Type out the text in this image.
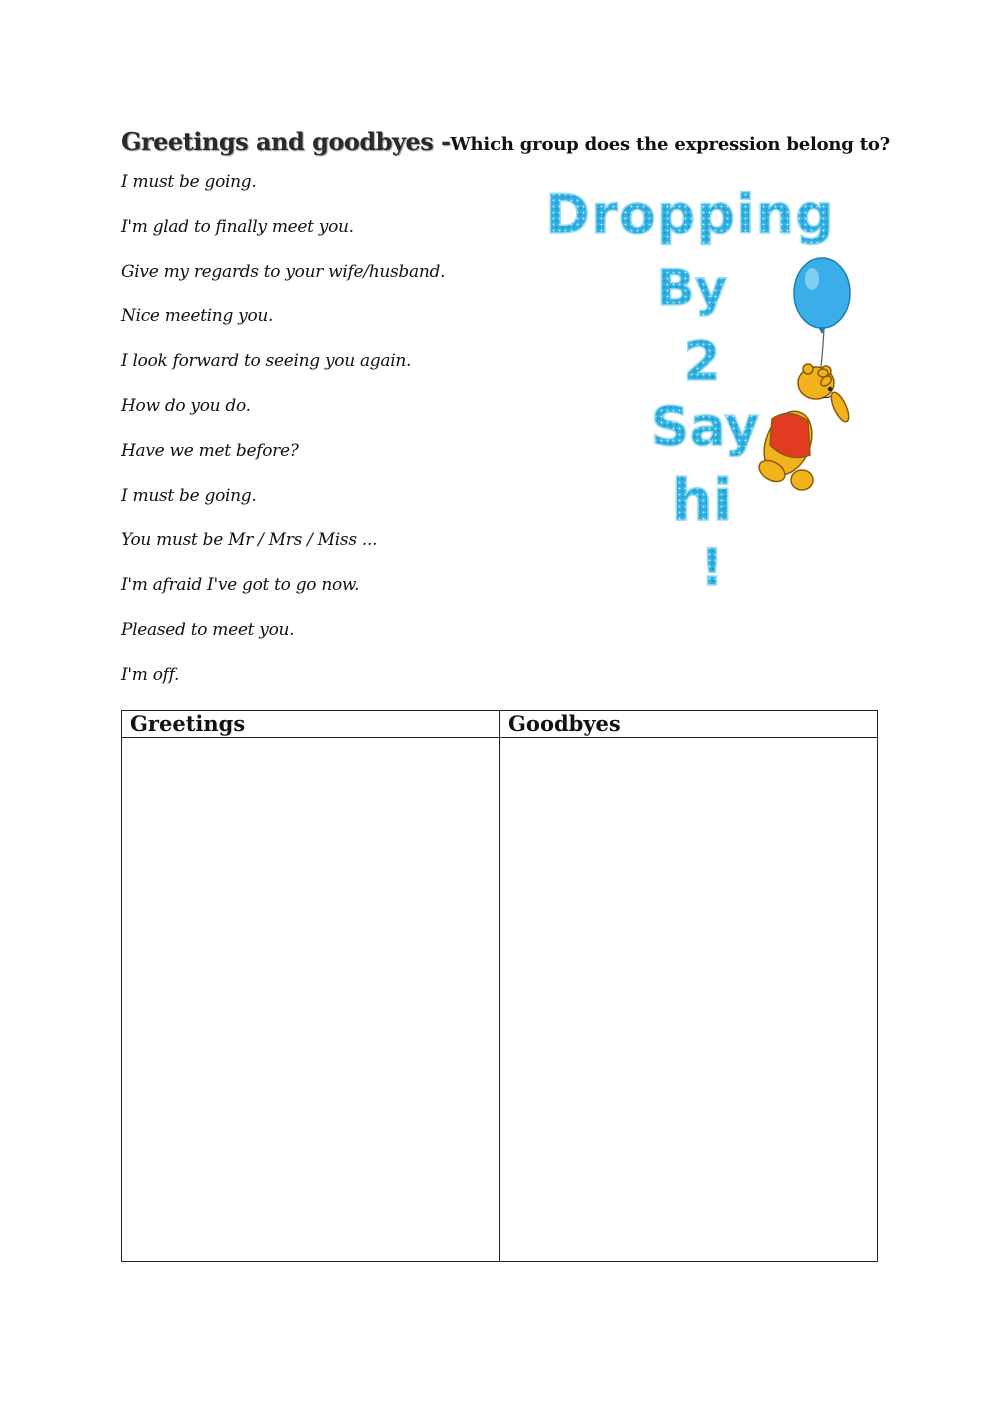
Greetings and goodbyes -Which group does the expression belong to?
I must be going.
I'm glad to finally meet you.
Give my regards to your wife/husband.
Nice meeting you.
I look forward to seeing you again.
How do you do.
Have we met before?
I must be going.
You must be Mr / Mrs / Miss ...
I'm afraid I've got to go now.
Pleased to meet you.
I'm off.
Dropping
By
2
Say
hi
!
Greetings	Goodbyes
